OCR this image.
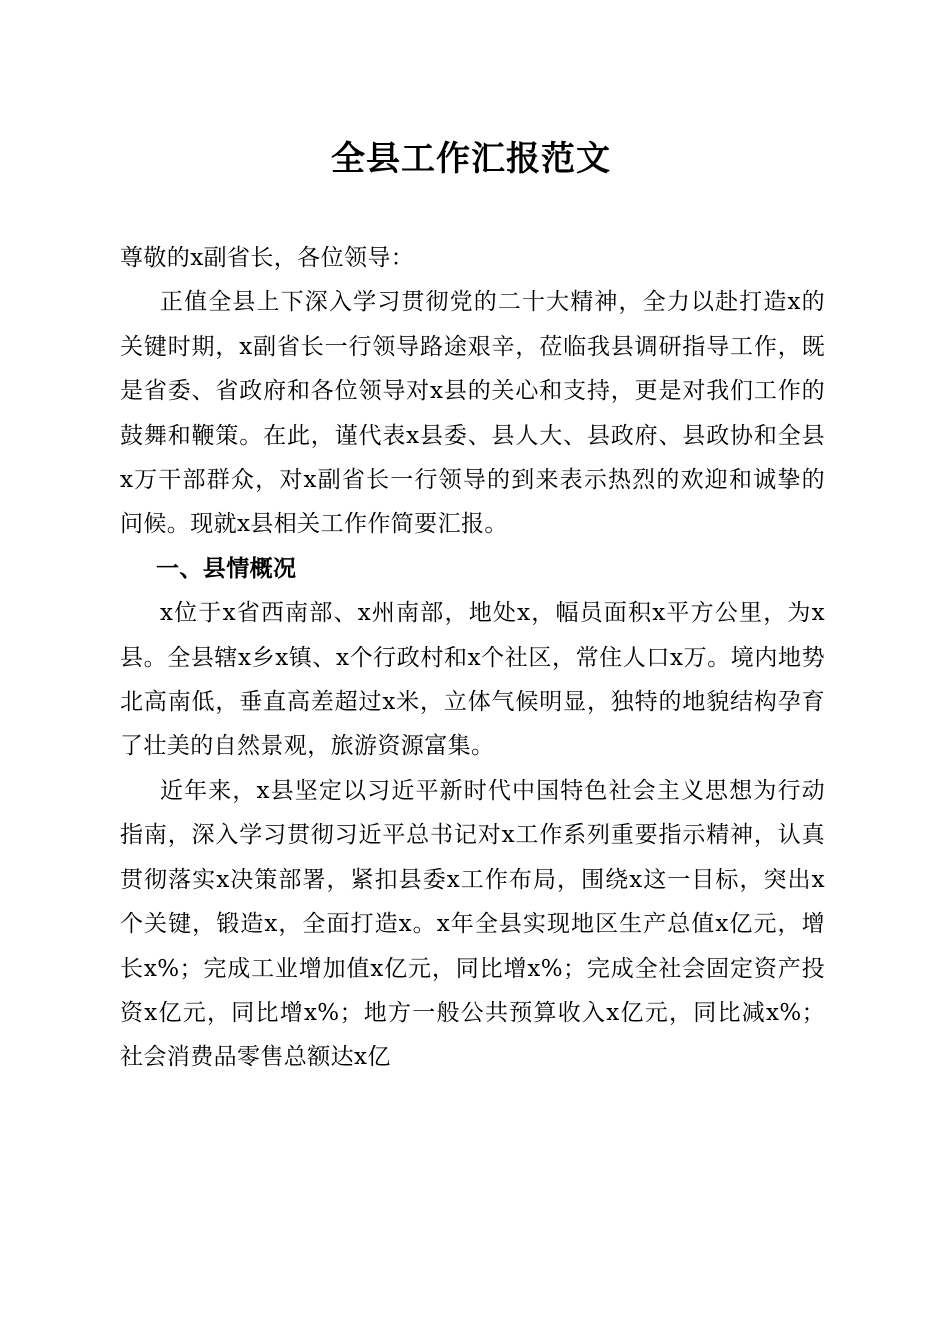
全县工作汇报范文

尊敬的x副省长，各位领导：

正值全县上下深入学习贯彻党的二十大精神，全力以赴打造x的关键时期，x副省长一行领导路途艰辛，莅临我县调研指导工作，既是省委、省政府和各位领导对x县的关心和支持，更是对我们工作的鼓舞和鞭策。在此，谨代表x县委、县人大、县政府、县政协和全县x万干部群众，对x副省长一行领导的到来表示热烈的欢迎和诚挚的问候。现就x县相关工作作简要汇报。

一、县情概况

x位于x省西南部、x州南部，地处x，幅员面积x平方公里，为x县。全县辖x乡x镇、x个行政村和x个社区，常住人口x万。境内地势北高南低，垂直高差超过x米，立体气候明显，独特的地貌结构孕育了壮美的自然景观，旅游资源富集。

近年来，x县坚定以习近平新时代中国特色社会主义思想为行动指南，深入学习贯彻习近平总书记对x工作系列重要指示精神，认真贯彻落实x决策部署，紧扣县委x工作布局，围绕x这一目标，突出x个关键，锻造x，全面打造x。x年全县实现地区生产总值x亿元，增长x%；完成工业增加值x亿元，同比增x%；完成全社会固定资产投资x亿元，同比增x%；地方一般公共预算收入x亿元，同比减x%；社会消费品零售总额达x亿
